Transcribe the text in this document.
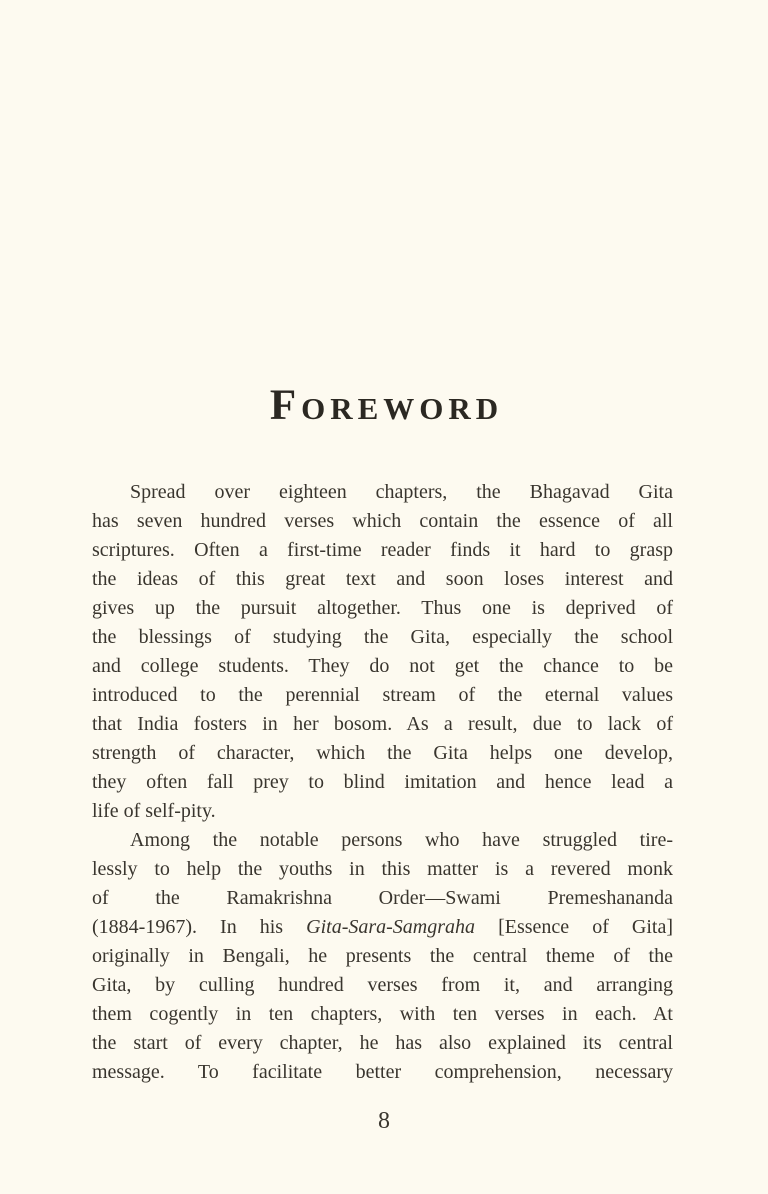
FOREWORD

Spread over eighteen chapters, the Bhagavad Gita
has seven hundred verses which contain the essence of all
scriptures. Often a first-time reader finds it hard to grasp
the ideas of this great text and soon loses interest and
gives up the pursuit altogether. Thus one is deprived of
the blessings of studying the Gita, especially the school
and college students. They do not get the chance to be
introduced to the perennial stream of the eternal values
that India fosters in her bosom. As a result, due to lack of
strength of character, which the Gita helps one develop,
they often fall prey to blind imitation and hence lead a
life of self-pity.

Among the notable persons who have struggled tire-
lessly to help the youths in this matter is a revered monk
of the Ramakrishna Order—Swami Premeshananda
(1884-1967). In his Gita-Sara-Samgraha [Essence of Gita]
originally in Bengali, he presents the central theme of the
Gita, by culling hundred verses from it, and arranging
them cogently in ten chapters, with ten verses in each. At
the start of every chapter, he has also explained its central
message. To facilitate better comprehension, necessary

8
